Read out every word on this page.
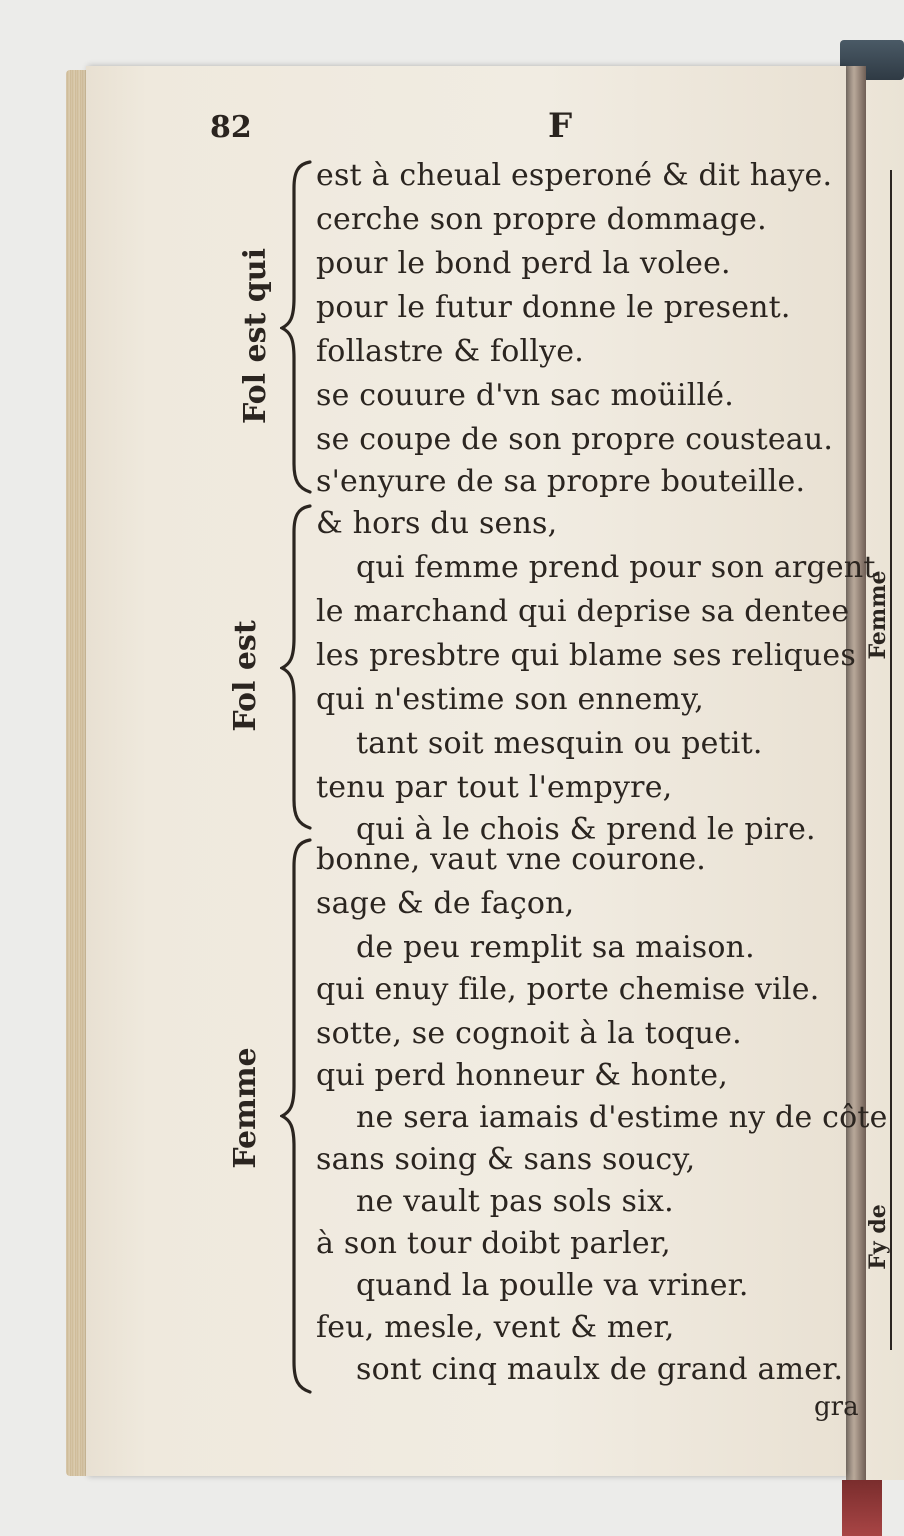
82	F
Fol est qui
est à cheual esperoné & dit haye.
cerche son propre dommage.
pour le bond perd la volee.
pour le futur donne le present.
follastre & follye.
se couure d'vn sac moüillé.
se coupe de son propre cousteau.
s'enyure de sa propre bouteille.
Fol est
& hors du sens,
qui femme prend pour son argent
le marchand qui deprise sa dentee
les presbtre qui blame ses reliques
qui n'estime son ennemy,
tant soit mesquin ou petit.
tenu par tout l'empyre,
qui à le chois & prend le pire.
Femme
bonne, vaut vne courone.
sage & de façon,
de peu remplit sa maison.
qui enuy file, porte chemise vile.
sotte, se cognoit à la toque.
qui perd honneur & honte,
ne sera iamais d'estime ny de côte
sans soing & sans soucy,
ne vault pas sols six.
à son tour doibt parler,
quand la poulle va vriner.
feu, mesle, vent & mer,
sont cinq maulx de grand amer.
gra
Femme
Fy de
